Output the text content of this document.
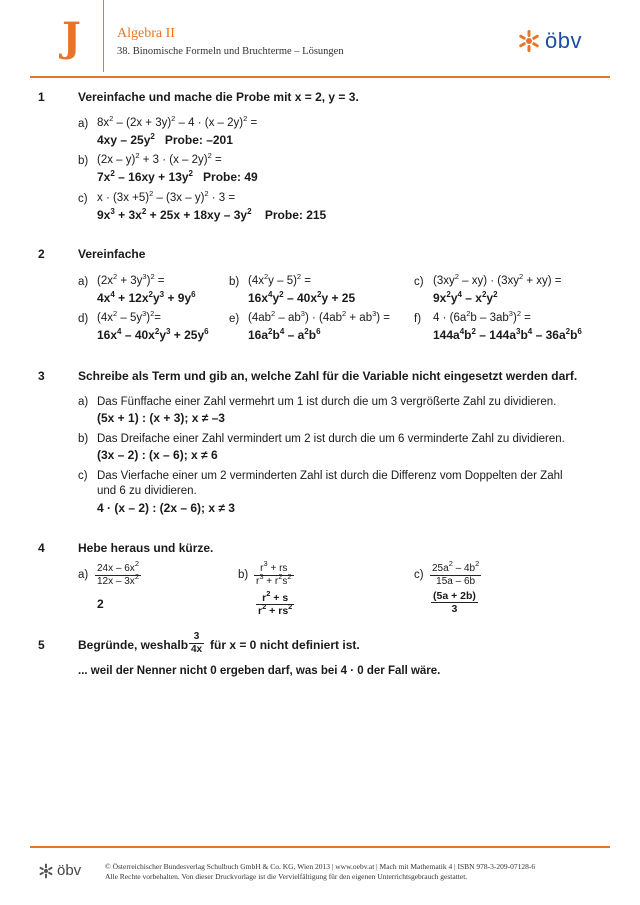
J	Algebra II
38. Binomische Formeln und Bruchterme – Lösungen	öbv
1	Vereinfache und mache die Probe mit x = 2, y = 3.
a) $8x^2 - (2x + 3y)^2 - 4 \cdot (x - 2y)^2$ =
$4xy - 25y^2$ Probe: –201
b) (2x – y)$^2$ + 3 · (x – 2y)$^2$ =
$7x^2 - 16xy + 13y^2$ Probe: 49
c) $x \cdot (3x +5)^2 - (3x - y)^2 \cdot 3$ =
$9x^3 + 3x^2 + 25x + 18xy - 3y^2$ Probe: 215
2	Vereinfache
a) $(2x^2 + 3y^3)^2$ =
$4x^4 + 12x^2y^3 + 9y^6$
b) $(4x^2y - 5)^2$ =
$16x^4y^2 - 40x^2y + 25$
c) $(3xy^2 - xy) \cdot (3xy^2 + xy)$ =
$9x^2y^4 - x^2y^2$
d) $(4x^2 - 5y^3)^2=$
$16x^4 - 40x^2y^3 + 25y^6$
e) $(4ab^2 - ab^3) \cdot (4ab^2 + ab^3)$ =
$16a^2b^4 - a^2b^6$
f) $4 \cdot (6a^2b - 3ab^3)^2$ =
$144a^4b^2 - 144a^3b^4 - 36a^2b^6$
3	Schreibe als Term und gib an, welche Zahl für die Variable nicht eingesetzt werden darf.
a) Das Fünffache einer Zahl vermehrt um 1 ist durch die um 3 vergrößerte Zahl zu dividieren.
(5x + 1) : (x + 3); x ≠ –3
b) Das Dreifache einer Zahl vermindert um 2 ist durch die um 6 verminderte Zahl zu dividieren.
(3x – 2) : (x – 6); x ≠ 6
c) Das Vierfache einer um 2 verminderten Zahl ist durch die Differenz vom Doppelten der Zahl
und 6 zu dividieren.
4 · (x – 2) : (2x – 6); x ≠ 3
4	Hebe heraus und kürze.
a)
$24x - 6x^2$
$12x - 3x^2$
2
b)
$r^3$ + rs
$r^3 + r^2s^2$
$r^2 + s$
$r^2 + rs^2$
c)
$25a^2 - 4b^2$
15a – 6b
(5a + 2b)
3
5	Begründe, weshalb
3
4x für x = 0 nicht definiert ist.
... weil der Nenner nicht 0 ergeben darf, was bei 4 · 0 der Fall wäre.
öbv	© Österreichischer Bundesverlag Schulbuch GmbH & Co. KG, Wien 2013 | www.oebv.at | Mach mit Mathematik 4 | ISBN 978-3-209-07128-6
Alle Rechte vorbehalten. Von dieser Druckvorlage ist die Vervielfältigung für den eigenen Unterrichtsgebrauch gestattet.
